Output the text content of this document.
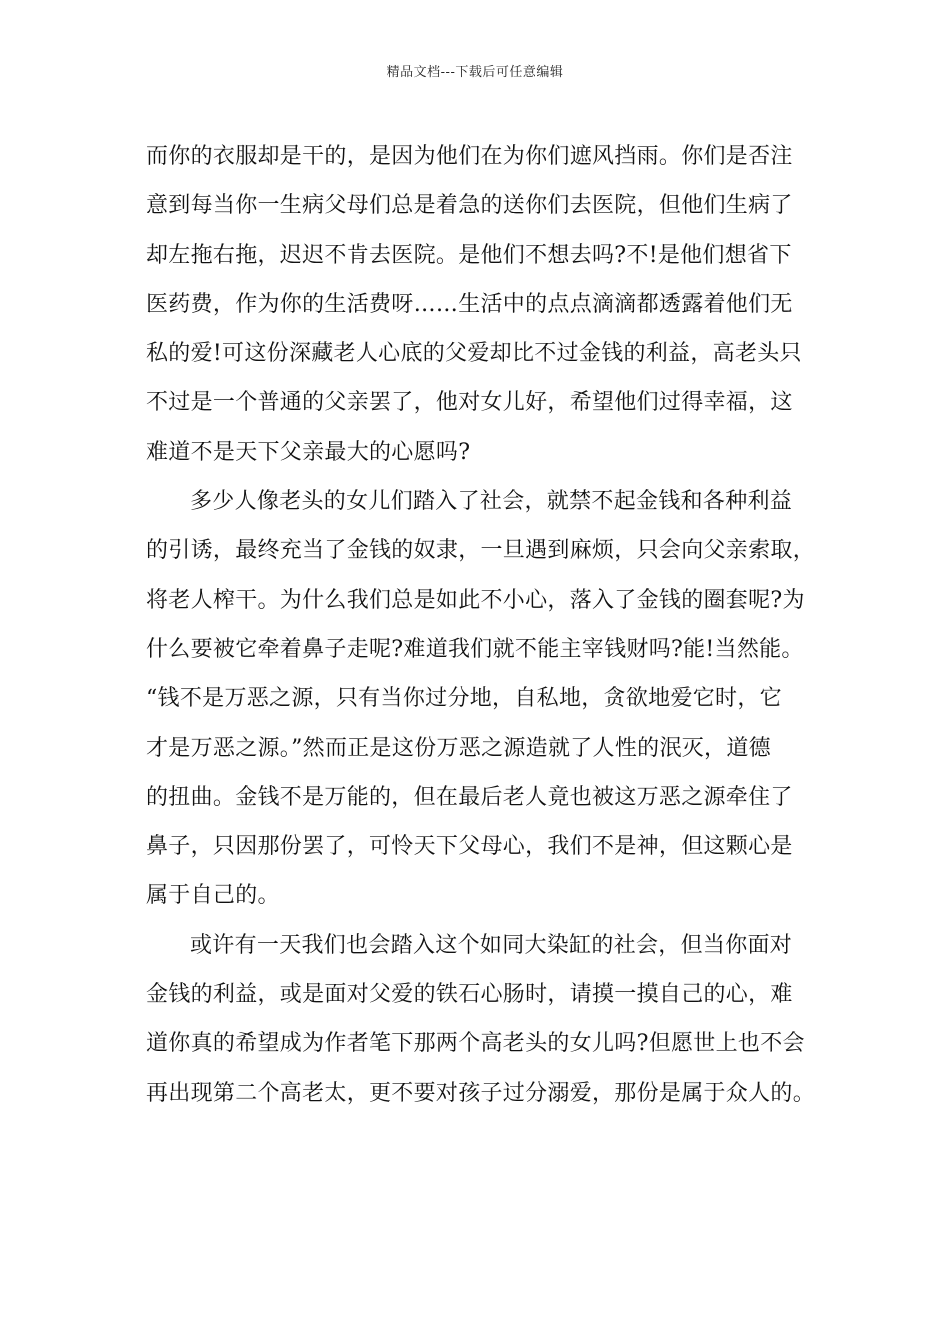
精品文档---下载后可任意编辑
而你的衣服却是干的，是因为他们在为你们遮风挡雨。你们是否注
意到每当你一生病父母们总是着急的送你们去医院，但他们生病了
却左拖右拖，迟迟不肯去医院。是他们不想去吗?不!是他们想省下
医药费，作为你的生活费呀……生活中的点点滴滴都透露着他们无
私的爱!可这份深藏老人心底的父爱却比不过金钱的利益，高老头只
不过是一个普通的父亲罢了，他对女儿好，希望他们过得幸福，这
难道不是天下父亲最大的心愿吗?
多少人像老头的女儿们踏入了社会，就禁不起金钱和各种利益
的引诱，最终充当了金钱的奴隶，一旦遇到麻烦，只会向父亲索取，
将老人榨干。为什么我们总是如此不小心，落入了金钱的圈套呢?为
什么要被它牵着鼻子走呢?难道我们就不能主宰钱财吗?能!当然能。
“钱不是万恶之源，只有当你过分地，自私地，贪欲地爱它时，它
才是万恶之源。”然而正是这份万恶之源造就了人性的泯灭，道德
的扭曲。金钱不是万能的，但在最后老人竟也被这万恶之源牵住了
鼻子，只因那份罢了，可怜天下父母心，我们不是神，但这颗心是
属于自己的。
或许有一天我们也会踏入这个如同大染缸的社会，但当你面对
金钱的利益，或是面对父爱的铁石心肠时，请摸一摸自己的心，难
道你真的希望成为作者笔下那两个高老头的女儿吗?但愿世上也不会
再出现第二个高老太，更不要对孩子过分溺爱，那份是属于众人的。
